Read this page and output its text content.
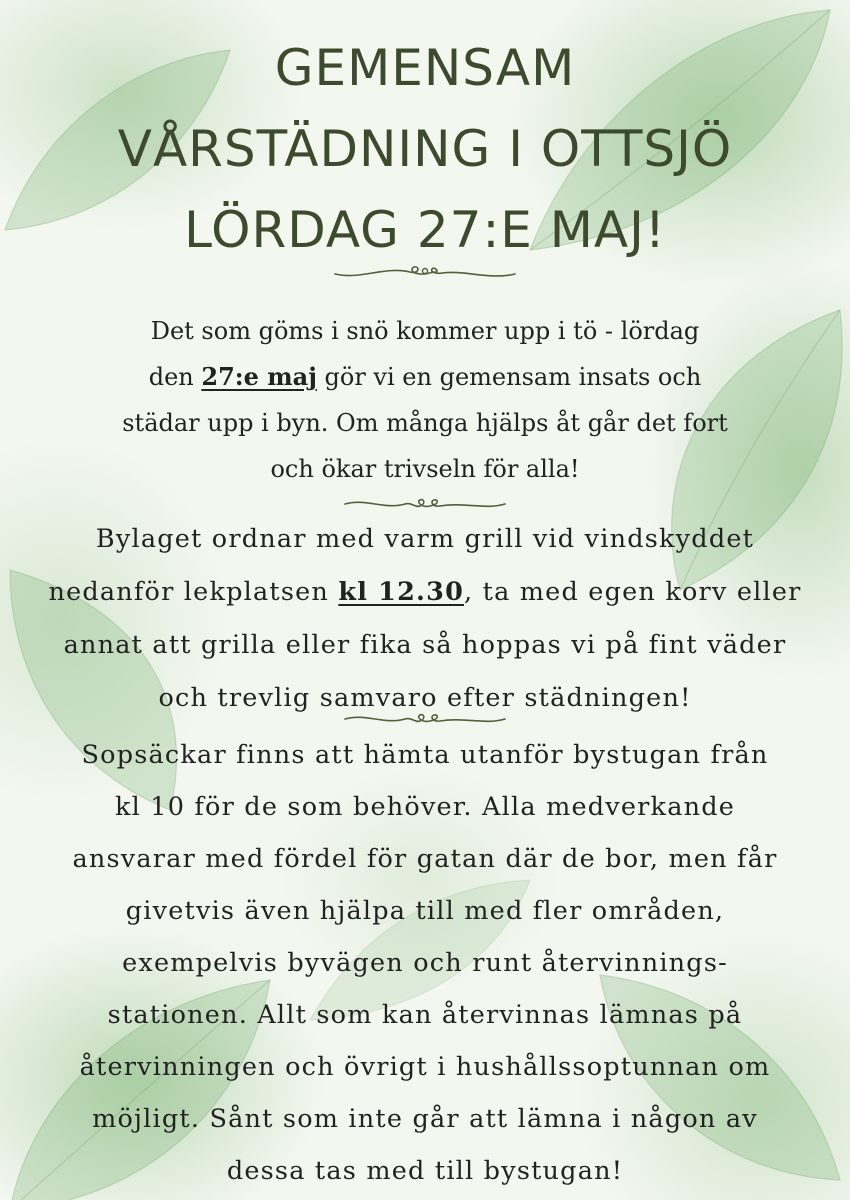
GEMENSAM
VÅRSTÄDNING I OTTSJÖ
LÖRDAG 27:E MAJ!

Det som göms i snö kommer upp i tö - lördag
den 27:e maj gör vi en gemensam insats och
städar upp i byn. Om många hjälps åt går det fort
och ökar trivseln för alla!

Bylaget ordnar med varm grill vid vindskyddet
nedanför lekplatsen kl 12.30, ta med egen korv eller
annat att grilla eller fika så hoppas vi på fint väder
och trevlig samvaro efter städningen!

Sopsäckar finns att hämta utanför bystugan från
kl 10 för de som behöver. Alla medverkande
ansvarar med fördel för gatan där de bor, men får
givetvis även hjälpa till med fler områden,
exempelvis byvägen och runt återvinnings-
stationen. Allt som kan återvinnas lämnas på
återvinningen och övrigt i hushållssoptunnan om
möjligt. Sånt som inte går att lämna i någon av
dessa tas med till bystugan!
